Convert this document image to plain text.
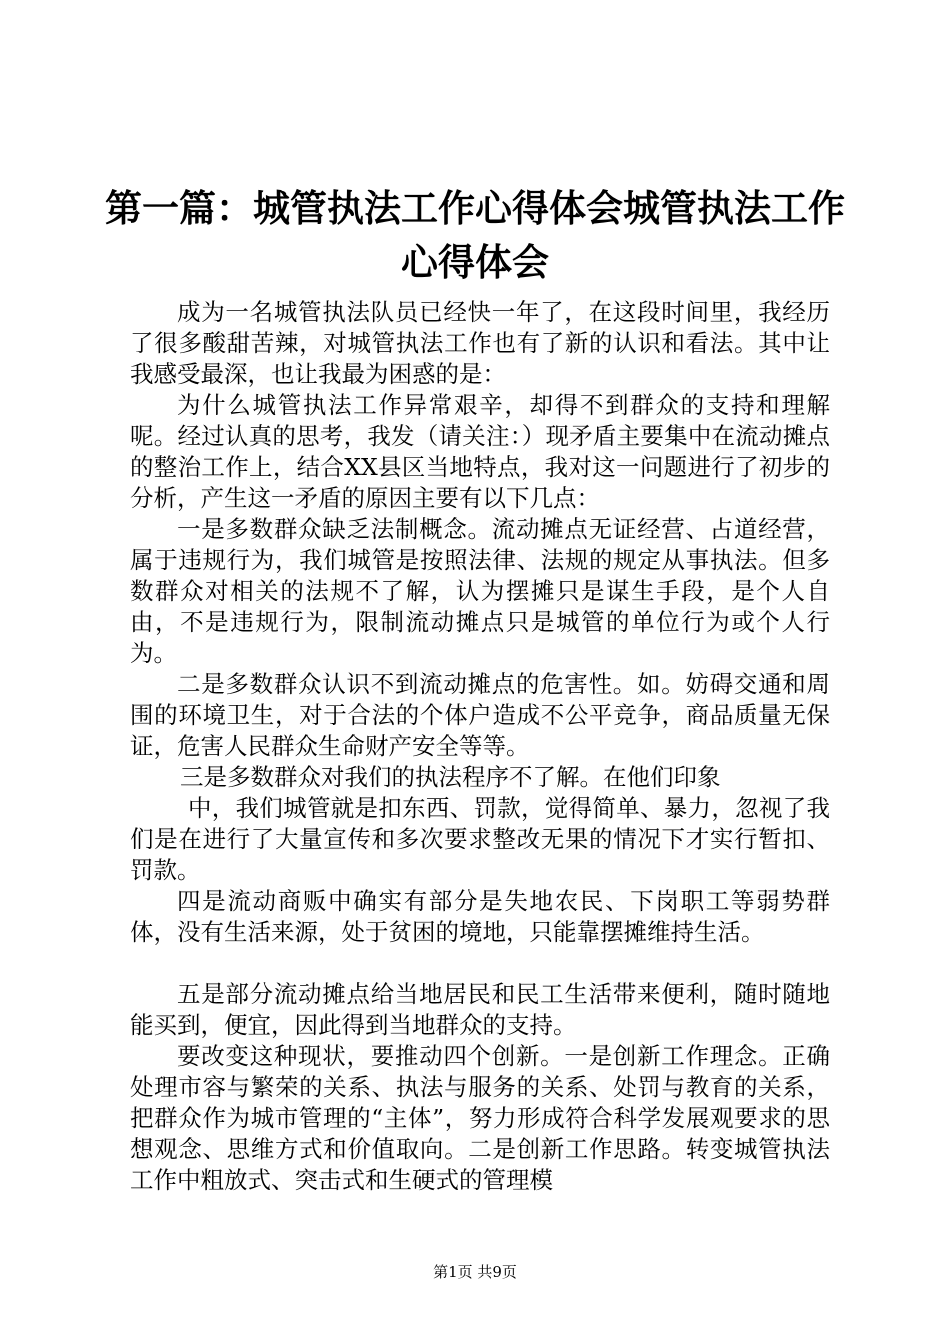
第一篇：城管执法工作心得体会城管执法工作
心得体会

成为一名城管执法队员已经快一年了，在这段时间里，我经历了很多酸甜苦辣，对城管执法工作也有了新的认识和看法。其中让我感受最深，也让我最为困惑的是：

为什么城管执法工作异常艰辛，却得不到群众的支持和理解呢。经过认真的思考，我发（请关注：）现矛盾主要集中在流动摊点的整治工作上，结合XX县区当地特点，我对这一问题进行了初步的分析，产生这一矛盾的原因主要有以下几点：

一是多数群众缺乏法制概念。流动摊点无证经营、占道经营，属于违规行为，我们城管是按照法律、法规的规定从事执法。但多数群众对相关的法规不了解，认为摆摊只是谋生手段，是个人自由，不是违规行为，限制流动摊点只是城管的单位行为或个人行为。

二是多数群众认识不到流动摊点的危害性。如。妨碍交通和周围的环境卫生，对于合法的个体户造成不公平竞争，商品质量无保证，危害人民群众生命财产安全等等。

三是多数群众对我们的执法程序不了解。在他们印象

中，我们城管就是扣东西、罚款，觉得简单、暴力，忽视了我们是在进行了大量宣传和多次要求整改无果的情况下才实行暂扣、罚款。

四是流动商贩中确实有部分是失地农民、下岗职工等弱势群体，没有生活来源，处于贫困的境地，只能靠摆摊维持生活。

五是部分流动摊点给当地居民和民工生活带来便利，随时随地能买到，便宜，因此得到当地群众的支持。

要改变这种现状，要推动四个创新。一是创新工作理念。正确处理市容与繁荣的关系、执法与服务的关系、处罚与教育的关系，把群众作为城市管理的“主体”，努力形成符合科学发展观要求的思想观念、思维方式和价值取向。二是创新工作思路。转变城管执法工作中粗放式、突击式和生硬式的管理模

第1页 共9页
